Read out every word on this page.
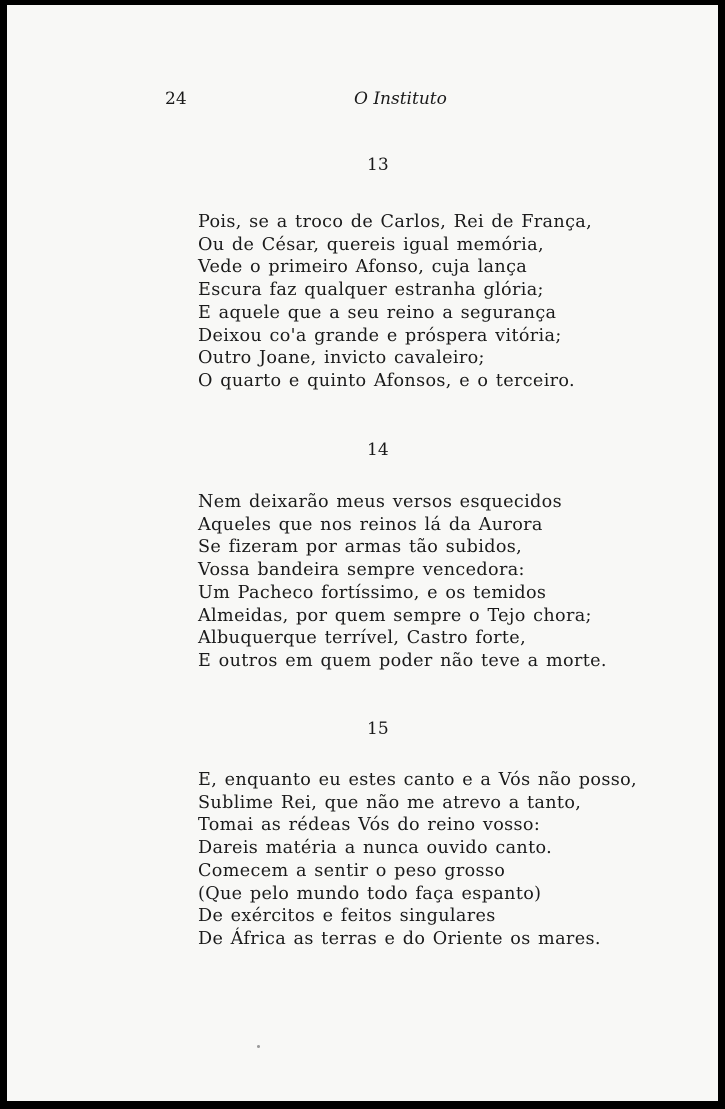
24	O Instituto
13
Pois, se a troco de Carlos, Rei de França,
Ou de César, quereis igual memória,
Vede o primeiro Afonso, cuja lança
Escura faz qualquer estranha glória;
E aquele que a seu reino a segurança
Deixou co'a grande e próspera vitória;
Outro Joane, invicto cavaleiro;
O quarto e quinto Afonsos, e o terceiro.
14
Nem deixarão meus versos esquecidos
Aqueles que nos reinos lá da Aurora
Se fizeram por armas tão subidos,
Vossa bandeira sempre vencedora:
Um Pacheco fortíssimo, e os temidos
Almeidas, por quem sempre o Tejo chora;
Albuquerque terrível, Castro forte,
E outros em quem poder não teve a morte.
15
E, enquanto eu estes canto e a Vós não posso,
Sublime Rei, que não me atrevo a tanto,
Tomai as rédeas Vós do reino vosso:
Dareis matéria a nunca ouvido canto.
Comecem a sentir o peso grosso
(Que pelo mundo todo faça espanto)
De exércitos e feitos singulares
De África as terras e do Oriente os mares.
